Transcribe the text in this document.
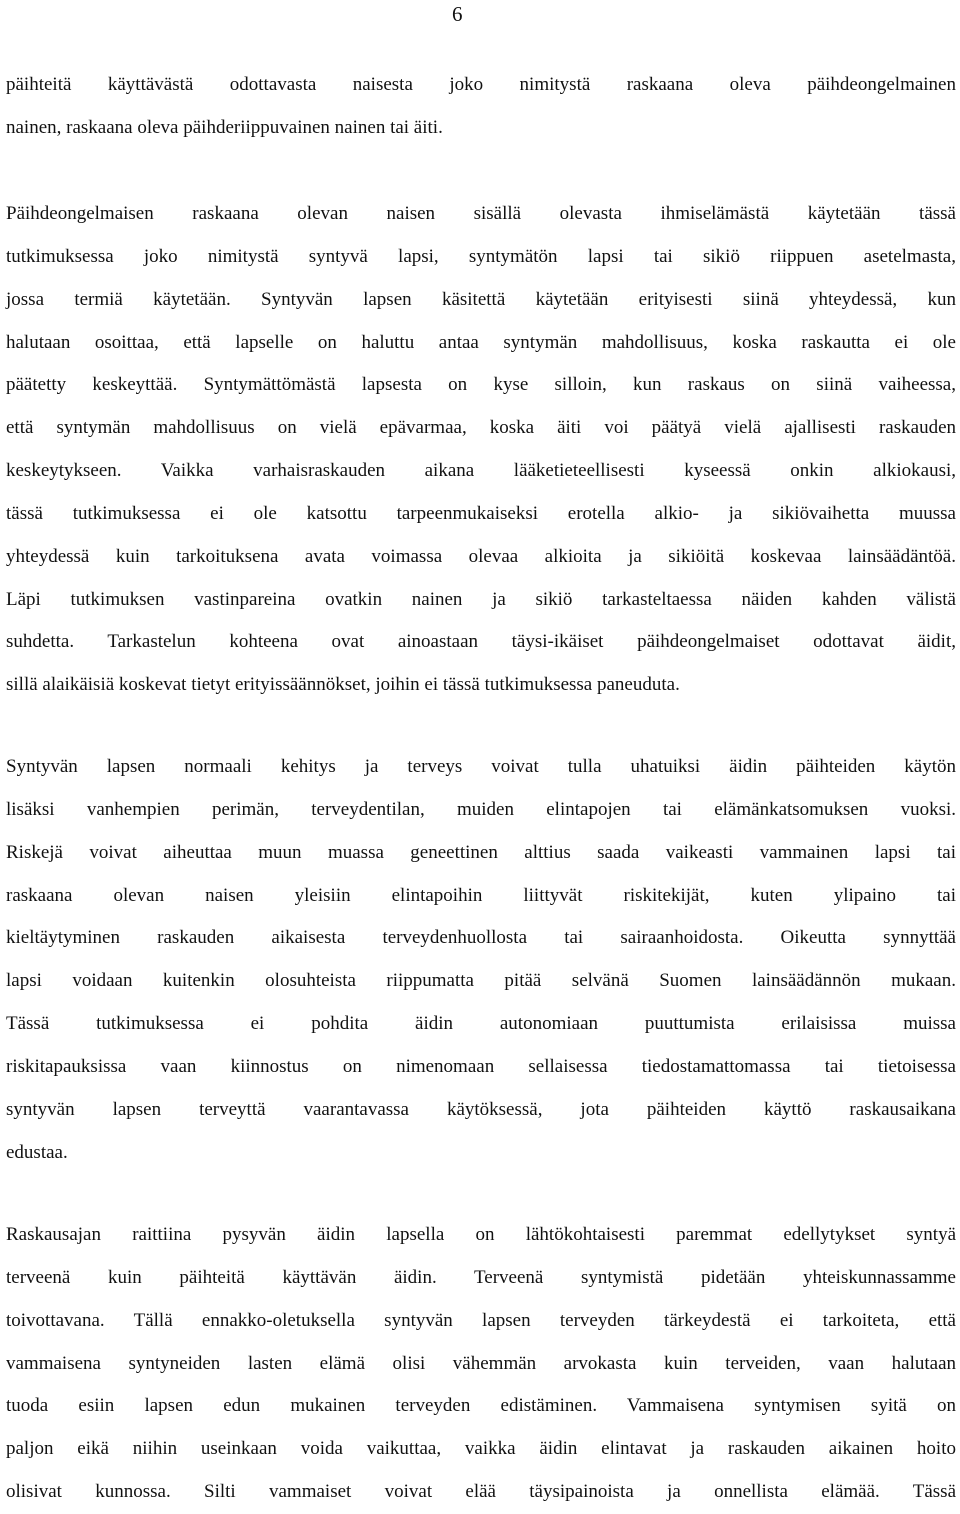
6
päihteitä käyttävästä odottavasta naisesta joko nimitystä raskaana oleva päihdeongelmainen
nainen, raskaana oleva päihderiippuvainen nainen tai äiti.
Päihdeongelmaisen raskaana olevan naisen sisällä olevasta ihmiselämästä käytetään tässä
tutkimuksessa joko nimitystä syntyvä lapsi, syntymätön lapsi tai sikiö riippuen asetelmasta,
jossa termiä käytetään. Syntyvän lapsen käsitettä käytetään erityisesti siinä yhteydessä, kun
halutaan osoittaa, että lapselle on haluttu antaa syntymän mahdollisuus, koska raskautta ei ole
päätetty keskeyttää. Syntymättömästä lapsesta on kyse silloin, kun raskaus on siinä vaiheessa,
että syntymän mahdollisuus on vielä epävarmaa, koska äiti voi päätyä vielä ajallisesti raskauden
keskeytykseen. Vaikka varhaisraskauden aikana lääketieteellisesti kyseessä onkin alkiokausi,
tässä tutkimuksessa ei ole katsottu tarpeenmukaiseksi erotella alkio- ja sikiövaihetta muussa
yhteydessä kuin tarkoituksena avata voimassa olevaa alkioita ja sikiöitä koskevaa lainsäädäntöä.
Läpi tutkimuksen vastinpareina ovatkin nainen ja sikiö tarkasteltaessa näiden kahden välistä
suhdetta. Tarkastelun kohteena ovat ainoastaan täysi-ikäiset päihdeongelmaiset odottavat äidit,
sillä alaikäisiä koskevat tietyt erityissäännökset, joihin ei tässä tutkimuksessa paneuduta.
Syntyvän lapsen normaali kehitys ja terveys voivat tulla uhatuiksi äidin päihteiden käytön
lisäksi vanhempien perimän, terveydentilan, muiden elintapojen tai elämänkatsomuksen vuoksi.
Riskejä voivat aiheuttaa muun muassa geneettinen alttius saada vaikeasti vammainen lapsi tai
raskaana olevan naisen yleisiin elintapoihin liittyvät riskitekijät, kuten ylipaino tai
kieltäytyminen raskauden aikaisesta terveydenhuollosta tai sairaanhoidosta. Oikeutta synnyttää
lapsi voidaan kuitenkin olosuhteista riippumatta pitää selvänä Suomen lainsäädännön mukaan.
Tässä tutkimuksessa ei pohdita äidin autonomiaan puuttumista erilaisissa muissa
riskitapauksissa vaan kiinnostus on nimenomaan sellaisessa tiedostamattomassa tai tietoisessa
syntyvän lapsen terveyttä vaarantavassa käytöksessä, jota päihteiden käyttö raskausaikana
edustaa.
Raskausajan raittiina pysyvän äidin lapsella on lähtökohtaisesti paremmat edellytykset syntyä
terveenä kuin päihteitä käyttävän äidin. Terveenä syntymistä pidetään yhteiskunnassamme
toivottavana. Tällä ennakko-oletuksella syntyvän lapsen terveyden tärkeydestä ei tarkoiteta, että
vammaisena syntyneiden lasten elämä olisi vähemmän arvokasta kuin terveiden, vaan halutaan
tuoda esiin lapsen edun mukainen terveyden edistäminen. Vammaisena syntymisen syitä on
paljon eikä niihin useinkaan voida vaikuttaa, vaikka äidin elintavat ja raskauden aikainen hoito
olisivat kunnossa. Silti vammaiset voivat elää täysipainoista ja onnellista elämää. Tässä
